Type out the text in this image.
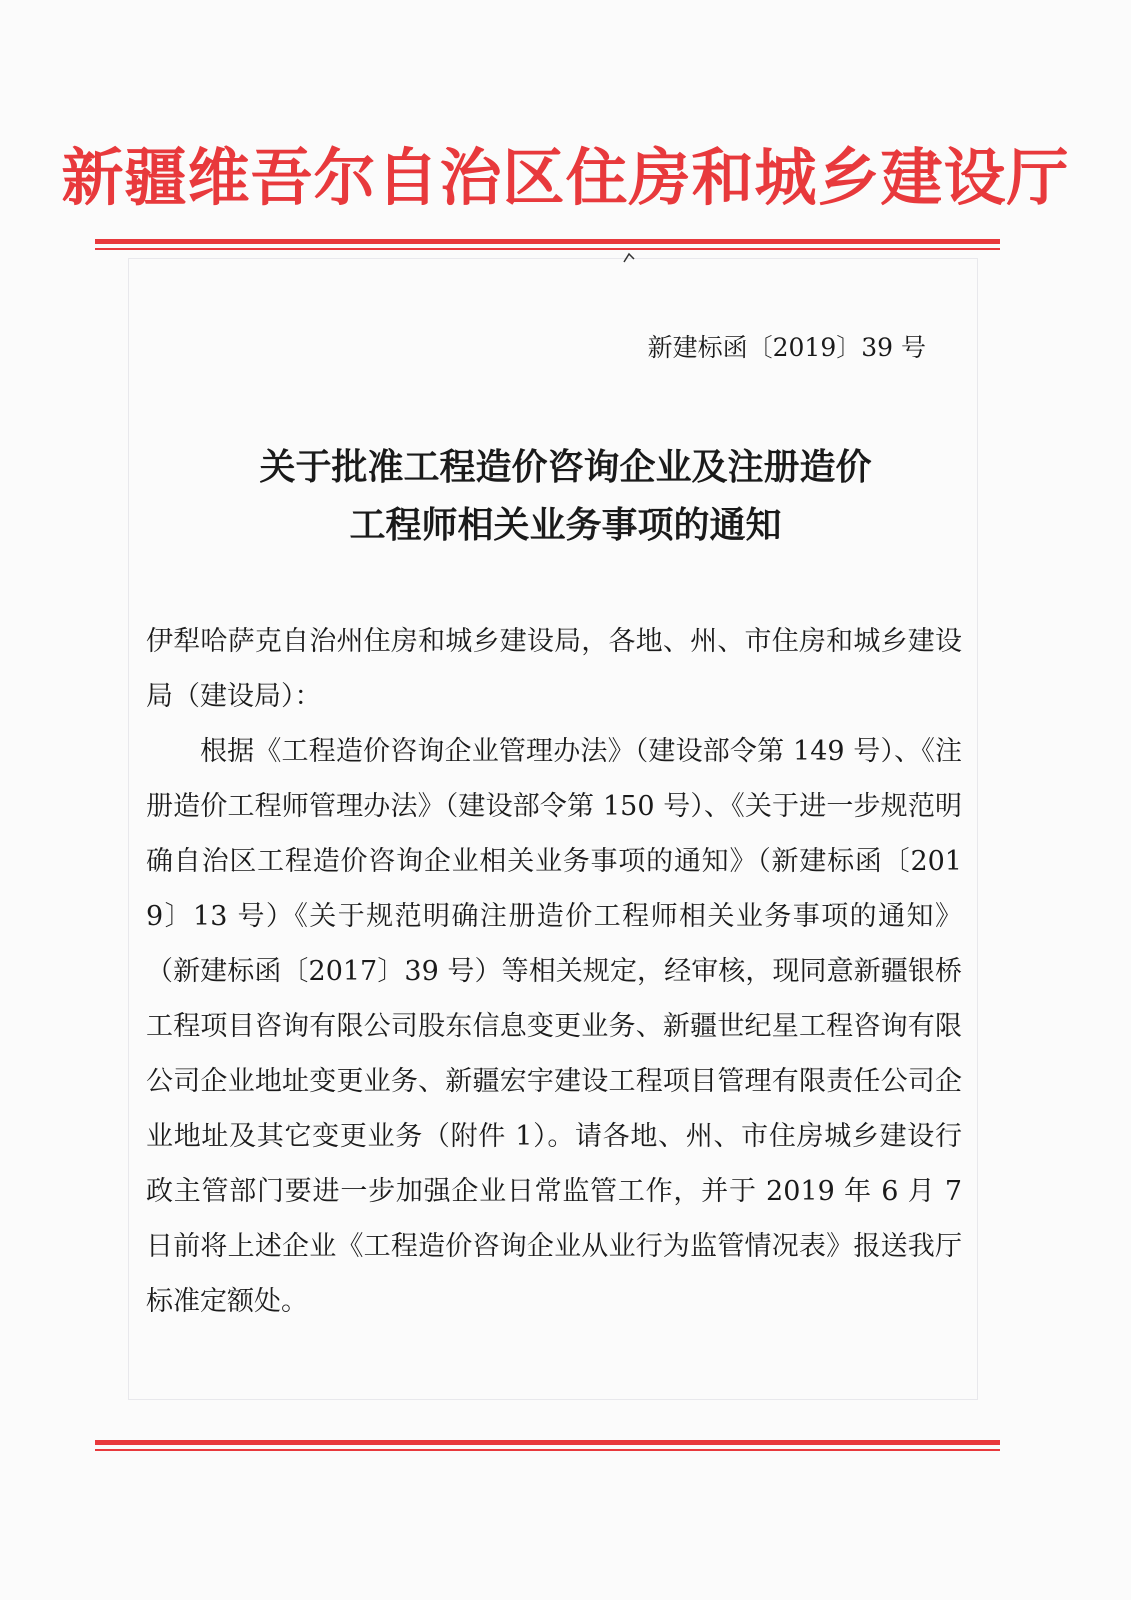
新疆维吾尔自治区住房和城乡建设厅
新建标函〔2019〕39 号
关于批准工程造价咨询企业及注册造价
工程师相关业务事项的通知

伊犁哈萨克自治州住房和城乡建设局，各地、州、市住房和城乡建设局（建设局）：

根据《工程造价咨询企业管理办法》（建设部令第 149 号）、《注册造价工程师管理办法》（建设部令第 150 号）、《关于进一步规范明确自治区工程造价咨询企业相关业务事项的通知》（新建标函〔2019〕13 号）《关于规范明确注册造价工程师相关业务事项的通知》（新建标函〔2017〕39 号）等相关规定，经审核，现同意新疆银桥工程项目咨询有限公司股东信息变更业务、新疆世纪星工程咨询有限公司企业地址变更业务、新疆宏宇建设工程项目管理有限责任公司企业地址及其它变更业务（附件 1）。请各地、州、市住房城乡建设行政主管部门要进一步加强企业日常监管工作，并于 2019 年 6 月 7 日前将上述企业《工程造价咨询企业从业行为监管情况表》报送我厅标准定额处。
